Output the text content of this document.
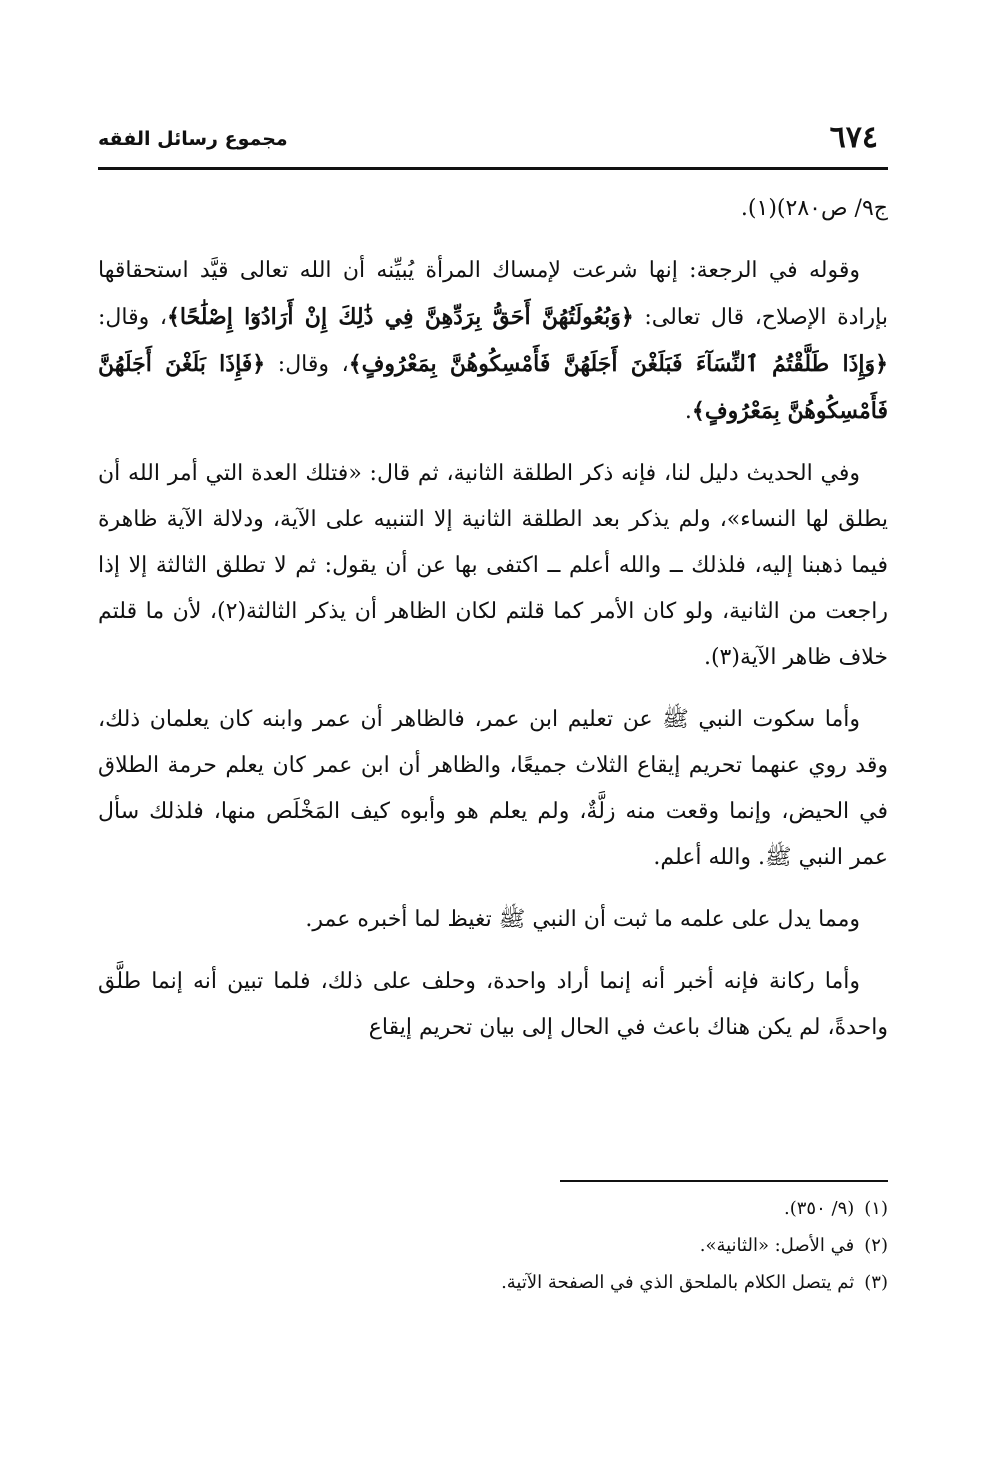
مجموع رسائل الفقه	٦٧٤

ج٩/ ص٢٨٠)(١).

وقوله في الرجعة: إنها شرعت لإمساك المرأة يُبيِّنه أن الله تعالى قيَّد استحقاقها بإرادة الإصلاح، قال تعالى: ﴿وَبُعُولَتُهُنَّ أَحَقُّ بِرَدِّهِنَّ فِي ذَٰلِكَ إِنْ أَرَادُوٓا إِصْلَٰحًا﴾، وقال: ﴿وَإِذَا طَلَّقْتُمُ ٱلنِّسَآءَ فَبَلَغْنَ أَجَلَهُنَّ فَأَمْسِكُوهُنَّ بِمَعْرُوفٍ﴾، وقال: ﴿فَإِذَا بَلَغْنَ أَجَلَهُنَّ فَأَمْسِكُوهُنَّ بِمَعْرُوفٍ﴾.

وفي الحديث دليل لنا، فإنه ذكر الطلقة الثانية، ثم قال: «فتلك العدة التي أمر الله أن يطلق لها النساء»، ولم يذكر بعد الطلقة الثانية إلا التنبيه على الآية، ودلالة الآية ظاهرة فيما ذهبنا إليه، فلذلك ــ والله أعلم ــ اكتفى بها عن أن يقول: ثم لا تطلق الثالثة إلا إذا راجعت من الثانية، ولو كان الأمر كما قلتم لكان الظاهر أن يذكر الثالثة(٢)، لأن ما قلتم خلاف ظاهر الآية(٣).

وأما سكوت النبي ﷺ عن تعليم ابن عمر، فالظاهر أن عمر وابنه كان يعلمان ذلك، وقد روي عنهما تحريم إيقاع الثلاث جميعًا، والظاهر أن ابن عمر كان يعلم حرمة الطلاق في الحيض، وإنما وقعت منه زلَّةٌ، ولم يعلم هو وأبوه كيف المَخْلَص منها، فلذلك سأل عمر النبي ﷺ. والله أعلم.

ومما يدل على علمه ما ثبت أن النبي ﷺ تغيظ لما أخبره عمر.

وأما ركانة فإنه أخبر أنه إنما أراد واحدة، وحلف على ذلك، فلما تبين أنه إنما طلَّق واحدةً، لم يكن هناك باعث في الحال إلى بيان تحريم إيقاع

(١)(٩/ ٣٥٠).
(٢)في الأصل: «الثانية».
(٣)ثم يتصل الكلام بالملحق الذي في الصفحة الآتية.
